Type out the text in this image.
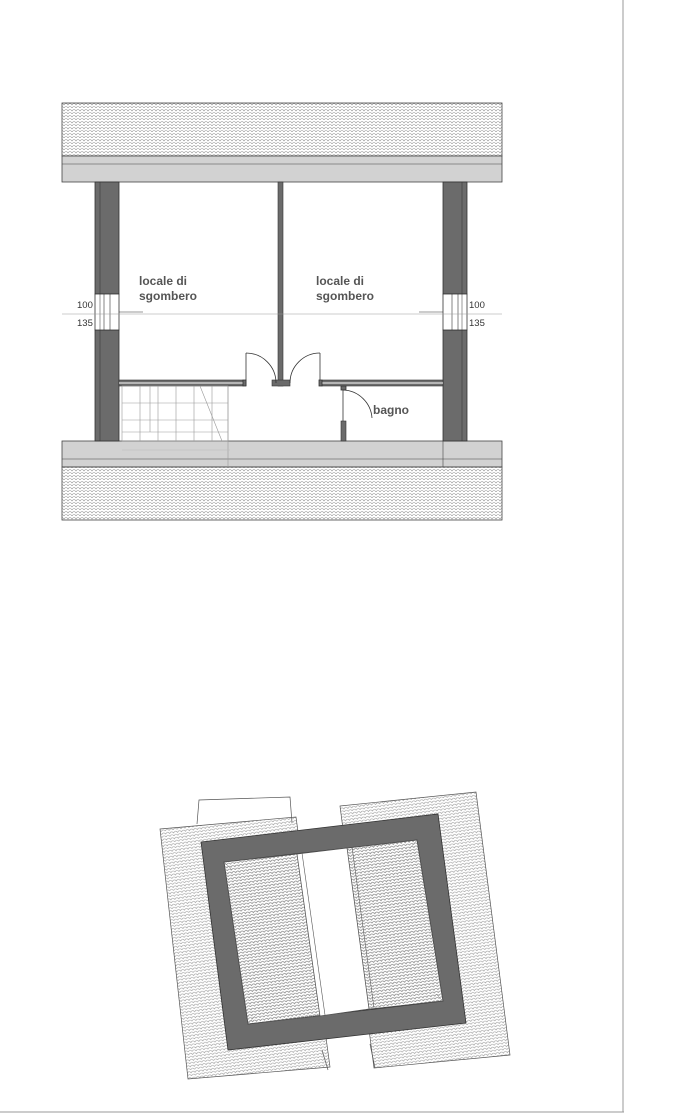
locale di
sgombero
locale di
sgombero
bagno
100
135
100
135
